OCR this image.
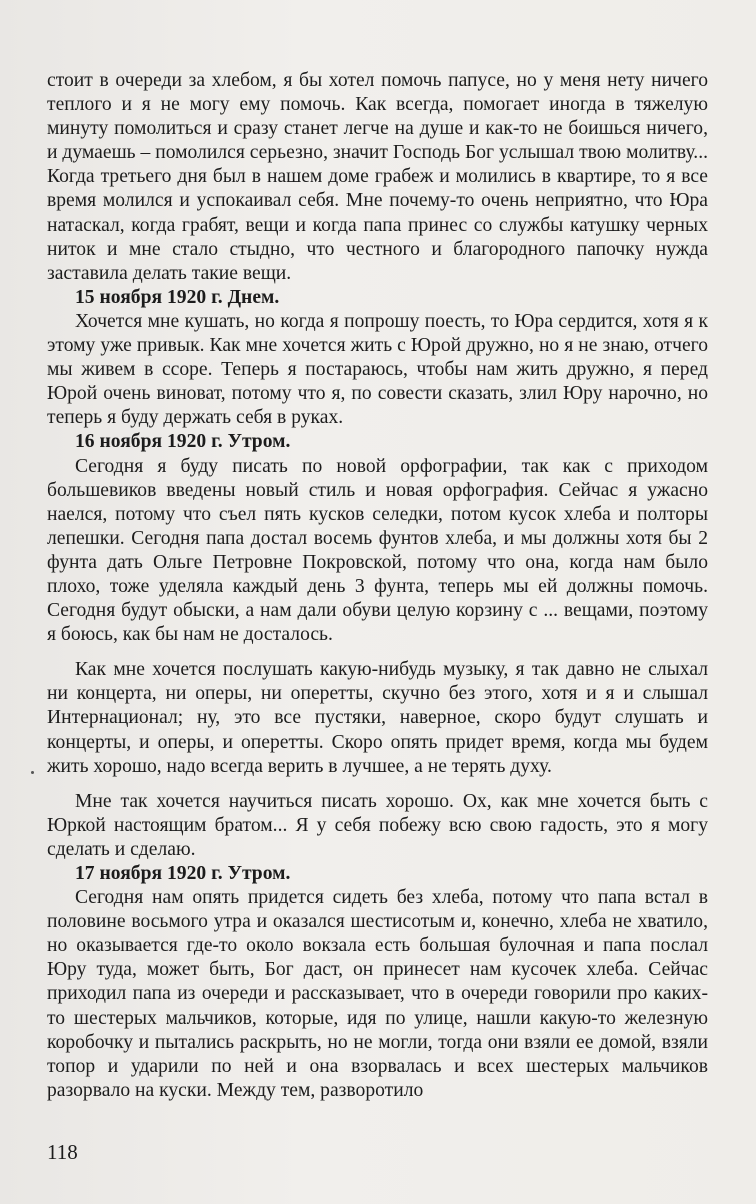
стоит в очереди за хлебом, я бы хотел помочь папусе, но у меня нету ничего теплого и я не могу ему помочь. Как всегда, помогает иногда в тяжелую минуту помолиться и сразу станет легче на душе и как-то не боишься ничего, и думаешь – помолился серьезно, значит Господь Бог услышал твою молитву... Когда третьего дня был в нашем доме грабеж и молились в квартире, то я все время молился и успокаивал себя. Мне почему-то очень неприятно, что Юра натаскал, когда грабят, вещи и когда папа принес со службы катушку черных ниток и мне стало стыдно, что честного и благородного папочку нужда заставила делать такие вещи.

15 ноября 1920 г. Днем.

Хочется мне кушать, но когда я попрошу поесть, то Юра сердится, хотя я к этому уже привык. Как мне хочется жить с Юрой дружно, но я не знаю, отчего мы живем в ссоре. Теперь я постараюсь, чтобы нам жить дружно, я перед Юрой очень виноват, потому что я, по совести сказать, злил Юру нарочно, но теперь я буду держать себя в руках.

16 ноября 1920 г. Утром.

Сегодня я буду писать по новой орфографии, так как с приходом большевиков введены новый стиль и новая орфография. Сейчас я ужасно наелся, потому что съел пять кусков селедки, потом кусок хлеба и полторы лепешки. Сегодня папа достал восемь фунтов хлеба, и мы должны хотя бы 2 фунта дать Ольге Петровне Покровской, потому что она, когда нам было плохо, тоже уделяла каждый день 3 фунта, теперь мы ей должны помочь. Сегодня будут обыски, а нам дали обуви целую корзину с ... вещами, поэтому я боюсь, как бы нам не досталось.

Как мне хочется послушать какую-нибудь музыку, я так давно не слыхал ни концерта, ни оперы, ни оперетты, скучно без этого, хотя и я и слышал Интернационал; ну, это все пустяки, наверное, скоро будут слушать и концерты, и оперы, и оперетты. Скоро опять придет время, когда мы будем жить хорошо, надо всегда верить в лучшее, а не терять духу.

Мне так хочется научиться писать хорошо. Ох, как мне хочется быть с Юркой настоящим братом... Я у себя побежу всю свою гадость, это я могу сделать и сделаю.

17 ноября 1920 г. Утром.

Сегодня нам опять придется сидеть без хлеба, потому что папа встал в половине восьмого утра и оказался шестисотым и, конечно, хлеба не хватило, но оказывается где-то около вокзала есть большая булочная и папа послал Юру туда, может быть, Бог даст, он принесет нам кусочек хлеба. Сейчас приходил папа из очереди и рассказывает, что в очереди говорили про каких-то шестерых мальчиков, которые, идя по улице, нашли какую-то железную коробочку и пытались раскрыть, но не могли, тогда они взяли ее домой, взяли топор и ударили по ней и она взорвалась и всех шестерых мальчиков разорвало на куски. Между тем, разворотило

118
